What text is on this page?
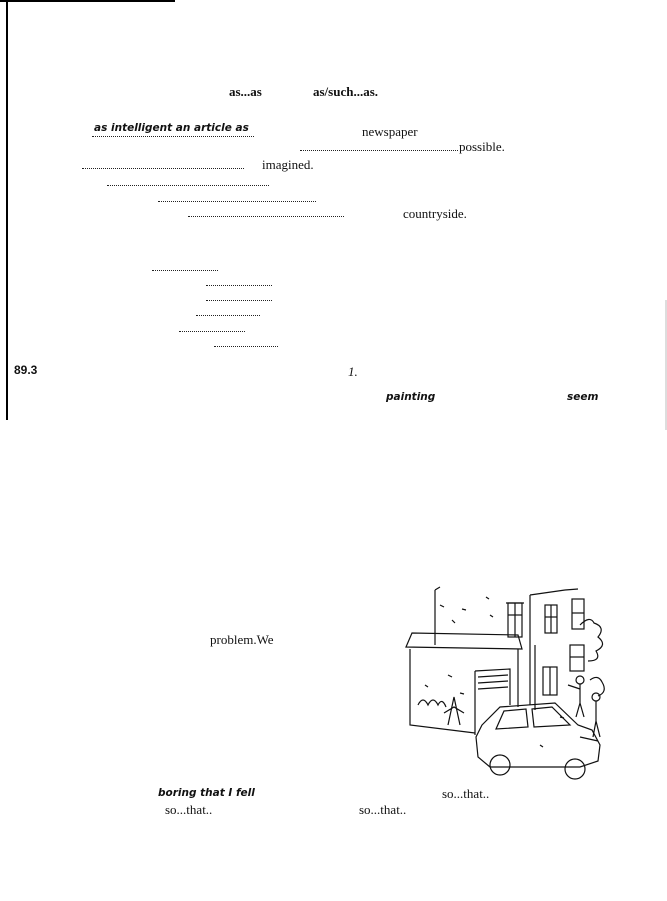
as...as	as/such...as.
as intelligent an article as	newspaper
possible.
imagined.
countryside.
89.3	1.
painting	seem
problem.We
boring that I fell	so...that..
so...that..	so...that..
